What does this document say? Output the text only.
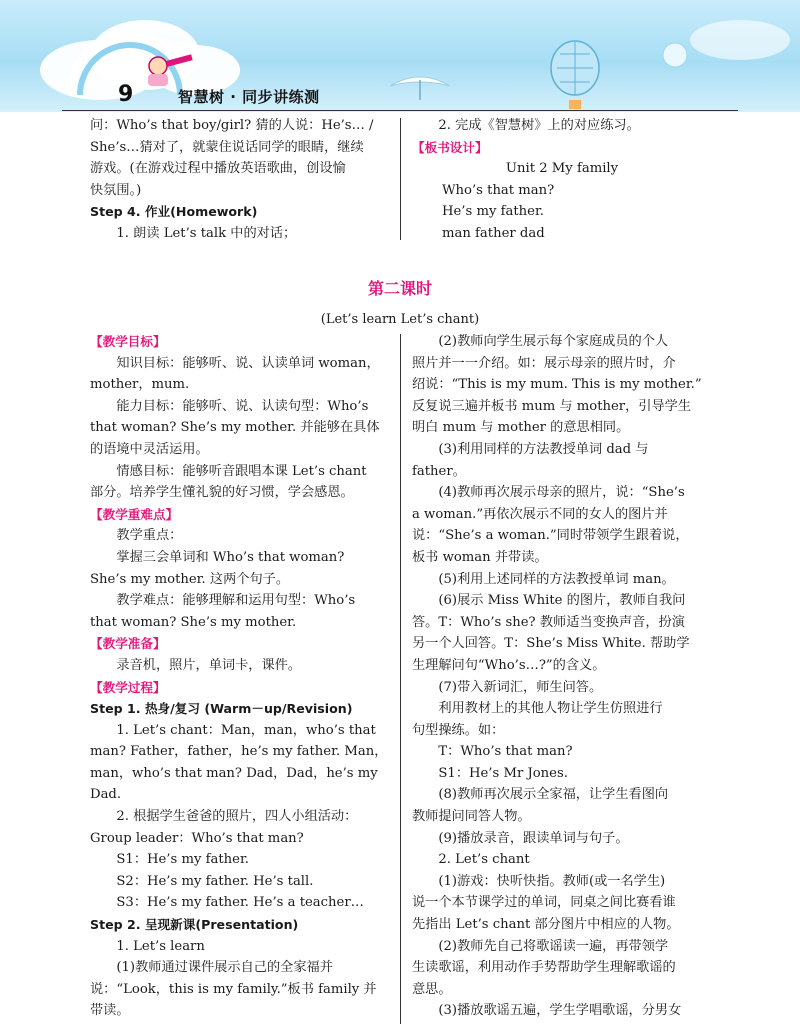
9	智慧树 · 同步讲练测

问：Who’s that boy/girl? 猜的人说：He’s… /

She’s…猜对了，就蒙住说话同学的眼睛，继续

游戏。(在游戏过程中播放英语歌曲，创设愉

快氛围。)

Step 4. 作业(Homework)

1. 朗读 Let’s talk 中的对话；

2. 完成《智慧树》上的对应练习。

【板书设计】

Unit 2 My family

Who’s that man?

He’s my father.

man father dad

第二课时
(Let’s learn Let’s chant)

【教学目标】

知识目标：能够听、说、认读单词 woman，

mother，mum.

能力目标：能够听、说、认读句型：Who’s

that woman? She’s my mother. 并能够在具体

的语境中灵活运用。

情感目标：能够听音跟唱本课 Let’s chant

部分。培养学生懂礼貌的好习惯，学会感恩。

【教学重难点】

教学重点：

掌握三会单词和 Who’s that woman?

She’s my mother. 这两个句子。

教学难点：能够理解和运用句型：Who’s

that woman? She’s my mother.

【教学准备】

录音机，照片，单词卡，课件。

【教学过程】

Step 1. 热身/复习 (Warm－up/Revision)

1. Let’s chant：Man，man，who’s that

man? Father，father，he’s my father. Man，

man，who’s that man? Dad，Dad，he’s my

Dad.

2. 根据学生爸爸的照片，四人小组活动：

Group leader：Who’s that man?

S1：He’s my father.

S2：He’s my father. He’s tall.

S3：He’s my father. He’s a teacher…

Step 2. 呈现新课(Presentation)

1. Let’s learn

(1)教师通过课件展示自己的全家福并

说：“Look，this is my family.”板书 family 并

带读。

(2)教师向学生展示每个家庭成员的个人

照片并一一介绍。如：展示母亲的照片时，介

绍说：“This is my mum. This is my mother.”

反复说三遍并板书 mum 与 mother，引导学生

明白 mum 与 mother 的意思相同。

(3)利用同样的方法教授单词 dad 与

father。

(4)教师再次展示母亲的照片，说：“She’s

a woman.”再依次展示不同的女人的图片并

说：“She’s a woman.”同时带领学生跟着说，

板书 woman 并带读。

(5)利用上述同样的方法教授单词 man。

(6)展示 Miss White 的图片，教师自我问

答。T：Who’s she? 教师适当变换声音，扮演

另一个人回答。T：She’s Miss White. 帮助学

生理解问句“Who’s…?”的含义。

(7)带入新词汇，师生问答。

利用教材上的其他人物让学生仿照进行

句型操练。如：

T：Who’s that man?

S1：He’s Mr Jones.

(8)教师再次展示全家福，让学生看图向

教师提问同答人物。

(9)播放录音，跟读单词与句子。

2. Let’s chant

(1)游戏：快听快指。教师(或一名学生)

说一个本节课学过的单词，同桌之间比赛看谁

先指出 Let’s chant 部分图片中相应的人物。

(2)教师先自己将歌谣读一遍，再带领学

生读歌谣，利用动作手势帮助学生理解歌谣的

意思。

(3)播放歌谣五遍，学生学唱歌谣，分男女
